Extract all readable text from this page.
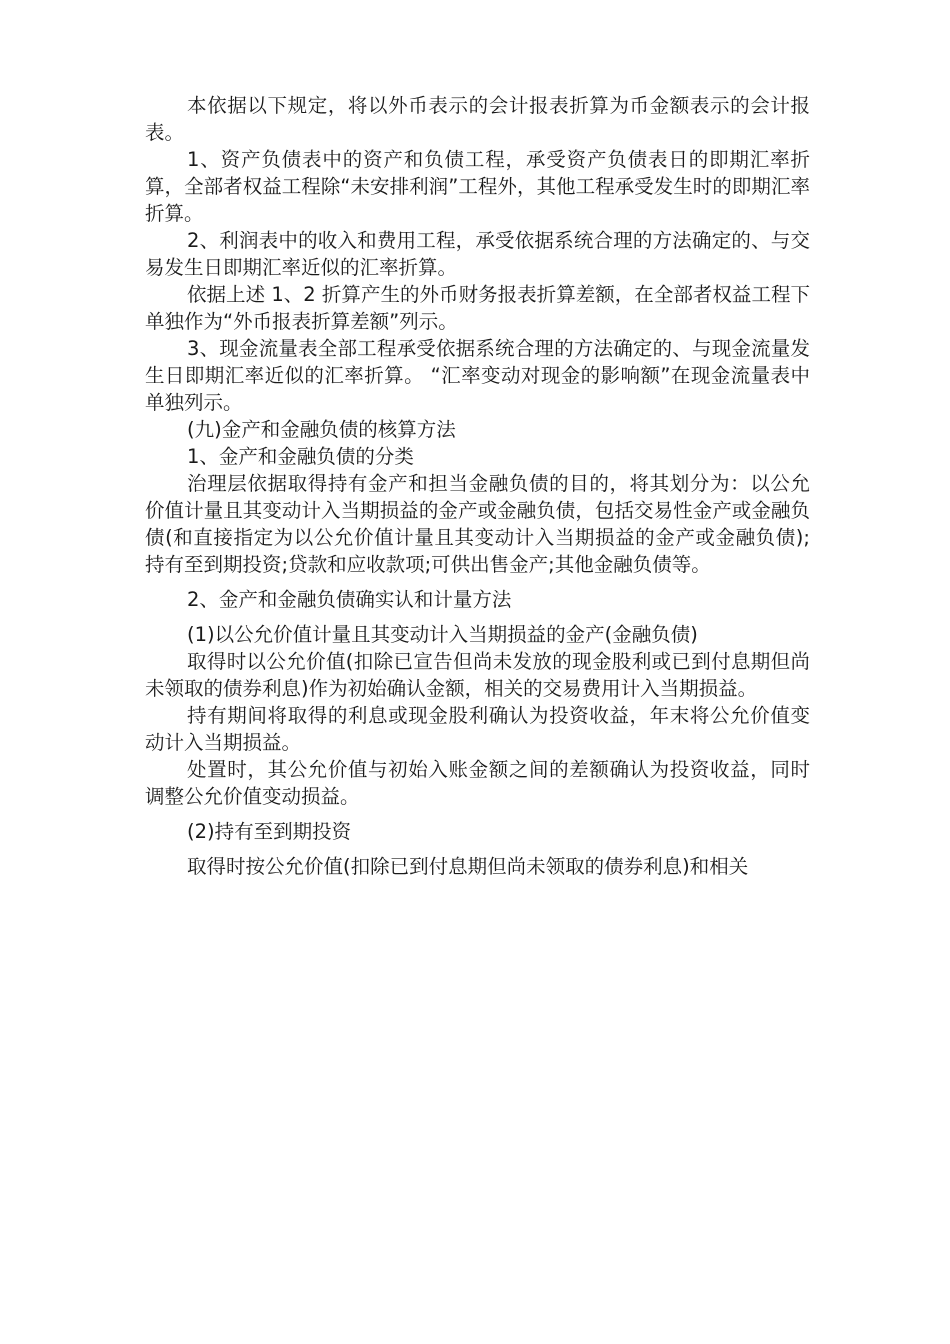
本依据以下规定，将以外币表示的会计报表折算为币金额表示的会计报表。

1、资产负债表中的资产和负债工程，承受资产负债表日的即期汇率折算，全部者权益工程除“未安排利润”工程外，其他工程承受发生时的即期汇率折算。

2、利润表中的收入和费用工程，承受依据系统合理的方法确定的、与交易发生日即期汇率近似的汇率折算。

依据上述 1、2 折算产生的外币财务报表折算差额，在全部者权益工程下单独作为“外币报表折算差额”列示。

3、现金流量表全部工程承受依据系统合理的方法确定的、与现金流量发生日即期汇率近似的汇率折算。 “汇率变动对现金的影响额”在现金流量表中单独列示。

(九)金产和金融负债的核算方法

1、金产和金融负债的分类

治理层依据取得持有金产和担当金融负债的目的，将其划分为：以公允价值计量且其变动计入当期损益的金产或金融负债，包括交易性金产或金融负债(和直接指定为以公允价值计量且其变动计入当期损益的金产或金融负债);持有至到期投资;贷款和应收款项;可供出售金产;其他金融负债等。

2、金产和金融负债确实认和计量方法

(1)以公允价值计量且其变动计入当期损益的金产(金融负债)

取得时以公允价值(扣除已宣告但尚未发放的现金股利或已到付息期但尚未领取的债券利息)作为初始确认金额，相关的交易费用计入当期损益。

持有期间将取得的利息或现金股利确认为投资收益，年末将公允价值变动计入当期损益。

处置时，其公允价值与初始入账金额之间的差额确认为投资收益，同时调整公允价值变动损益。

(2)持有至到期投资

取得时按公允价值(扣除已到付息期但尚未领取的债券利息)和相关
